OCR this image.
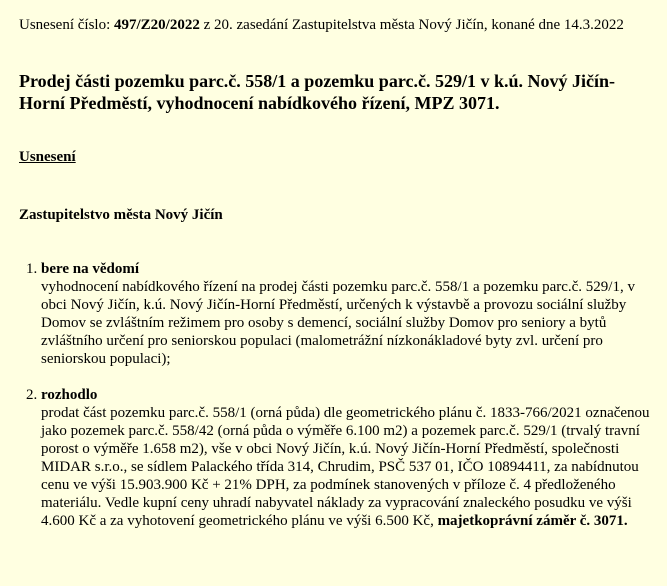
Usnesení číslo: 497/Z20/2022 z 20. zasedání Zastupitelstva města Nový Jičín, konané dne 14.3.2022

Prodej části pozemku parc.č. 558/1 a pozemku parc.č. 529/1 v k.ú. Nový Jičín-Horní Předměstí, vyhodnocení nabídkového řízení, MPZ 3071.

Usnesení

Zastupitelstvo města Nový Jičín

1. bere na vědomí
vyhodnocení nabídkového řízení na prodej části pozemku parc.č. 558/1 a pozemku parc.č. 529/1, v obci Nový Jičín, k.ú. Nový Jičín-Horní Předměstí, určených k výstavbě a provozu sociální služby Domov se zvláštním režimem pro osoby s demencí, sociální služby Domov pro seniory a bytů zvláštního určení pro seniorskou populaci (malometrážní nízkonákladové byty zvl. určení pro seniorskou populaci);
2. rozhodlo
prodat část pozemku parc.č. 558/1 (orná půda) dle geometrického plánu č. 1833-766/2021 označenou jako pozemek parc.č. 558/42 (orná půda o výměře 6.100 m2) a pozemek parc.č. 529/1 (trvalý travní porost o výměře 1.658 m2), vše v obci Nový Jičín, k.ú. Nový Jičín-Horní Předměstí, společnosti MIDAR s.r.o., se sídlem Palackého třída 314, Chrudim, PSČ 537 01, IČO 10894411, za nabídnutou cenu ve výši 15.903.900 Kč + 21% DPH, za podmínek stanovených v příloze č. 4 předloženého materiálu. Vedle kupní ceny uhradí nabyvatel náklady za vypracování znaleckého posudku ve výši 4.600 Kč a za vyhotovení geometrického plánu ve výši 6.500 Kč, majetkoprávní záměr č. 3071.
